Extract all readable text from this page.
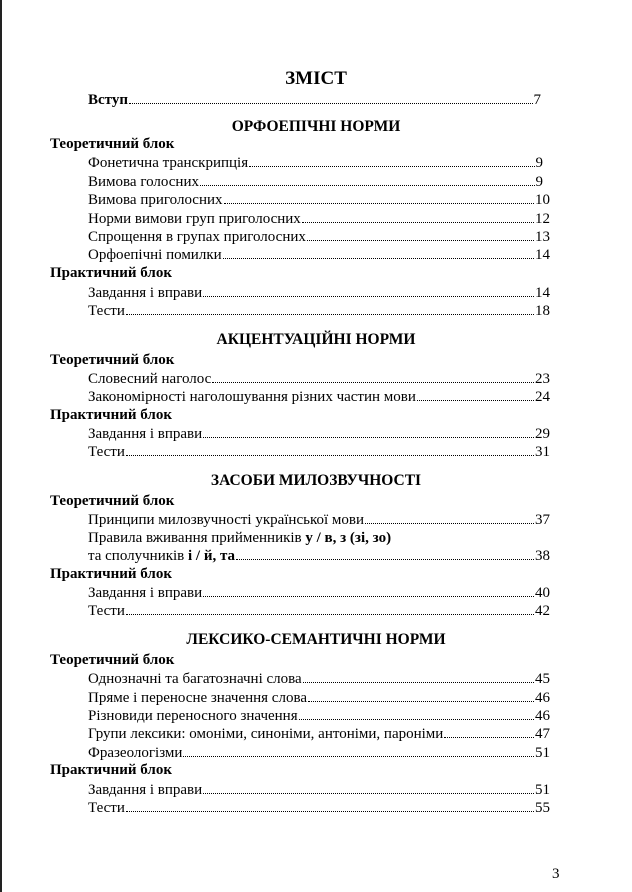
ЗМІСТ
Вступ	7
ОРФОЕПІЧНІ НОРМИ
Теоретичний блок
Фонетична транскрипція	9
Вимова голосних	9
Вимова приголосних	10
Норми вимови груп приголосних	12
Спрощення в групах приголосних	13
Орфоепічні помилки	14
Практичний блок
Завдання і вправи	14
Тести	18
АКЦЕНТУАЦІЙНІ НОРМИ
Теоретичний блок
Словесний наголос	23
Закономірності наголошування різних частин мови	24
Практичний блок
Завдання і вправи	29
Тести	31
ЗАСОБИ МИЛОЗВУЧНОСТІ
Теоретичний блок
Принципи милозвучності української мови	37
Правила вживання прийменників у / в, з (зі, зо)
та сполучників і / й, та	38
Практичний блок
Завдання і вправи	40
Тести	42
ЛЕКСИКО-СЕМАНТИЧНІ НОРМИ
Теоретичний блок
Однозначні та багатозначні слова	45
Пряме і переносне значення слова	46
Різновиди переносного значення	46
Групи лексики: омоніми, синоніми, антоніми, пароніми	47
Фразеологізми	51
Практичний блок
Завдання і вправи	51
Тести	55
3
